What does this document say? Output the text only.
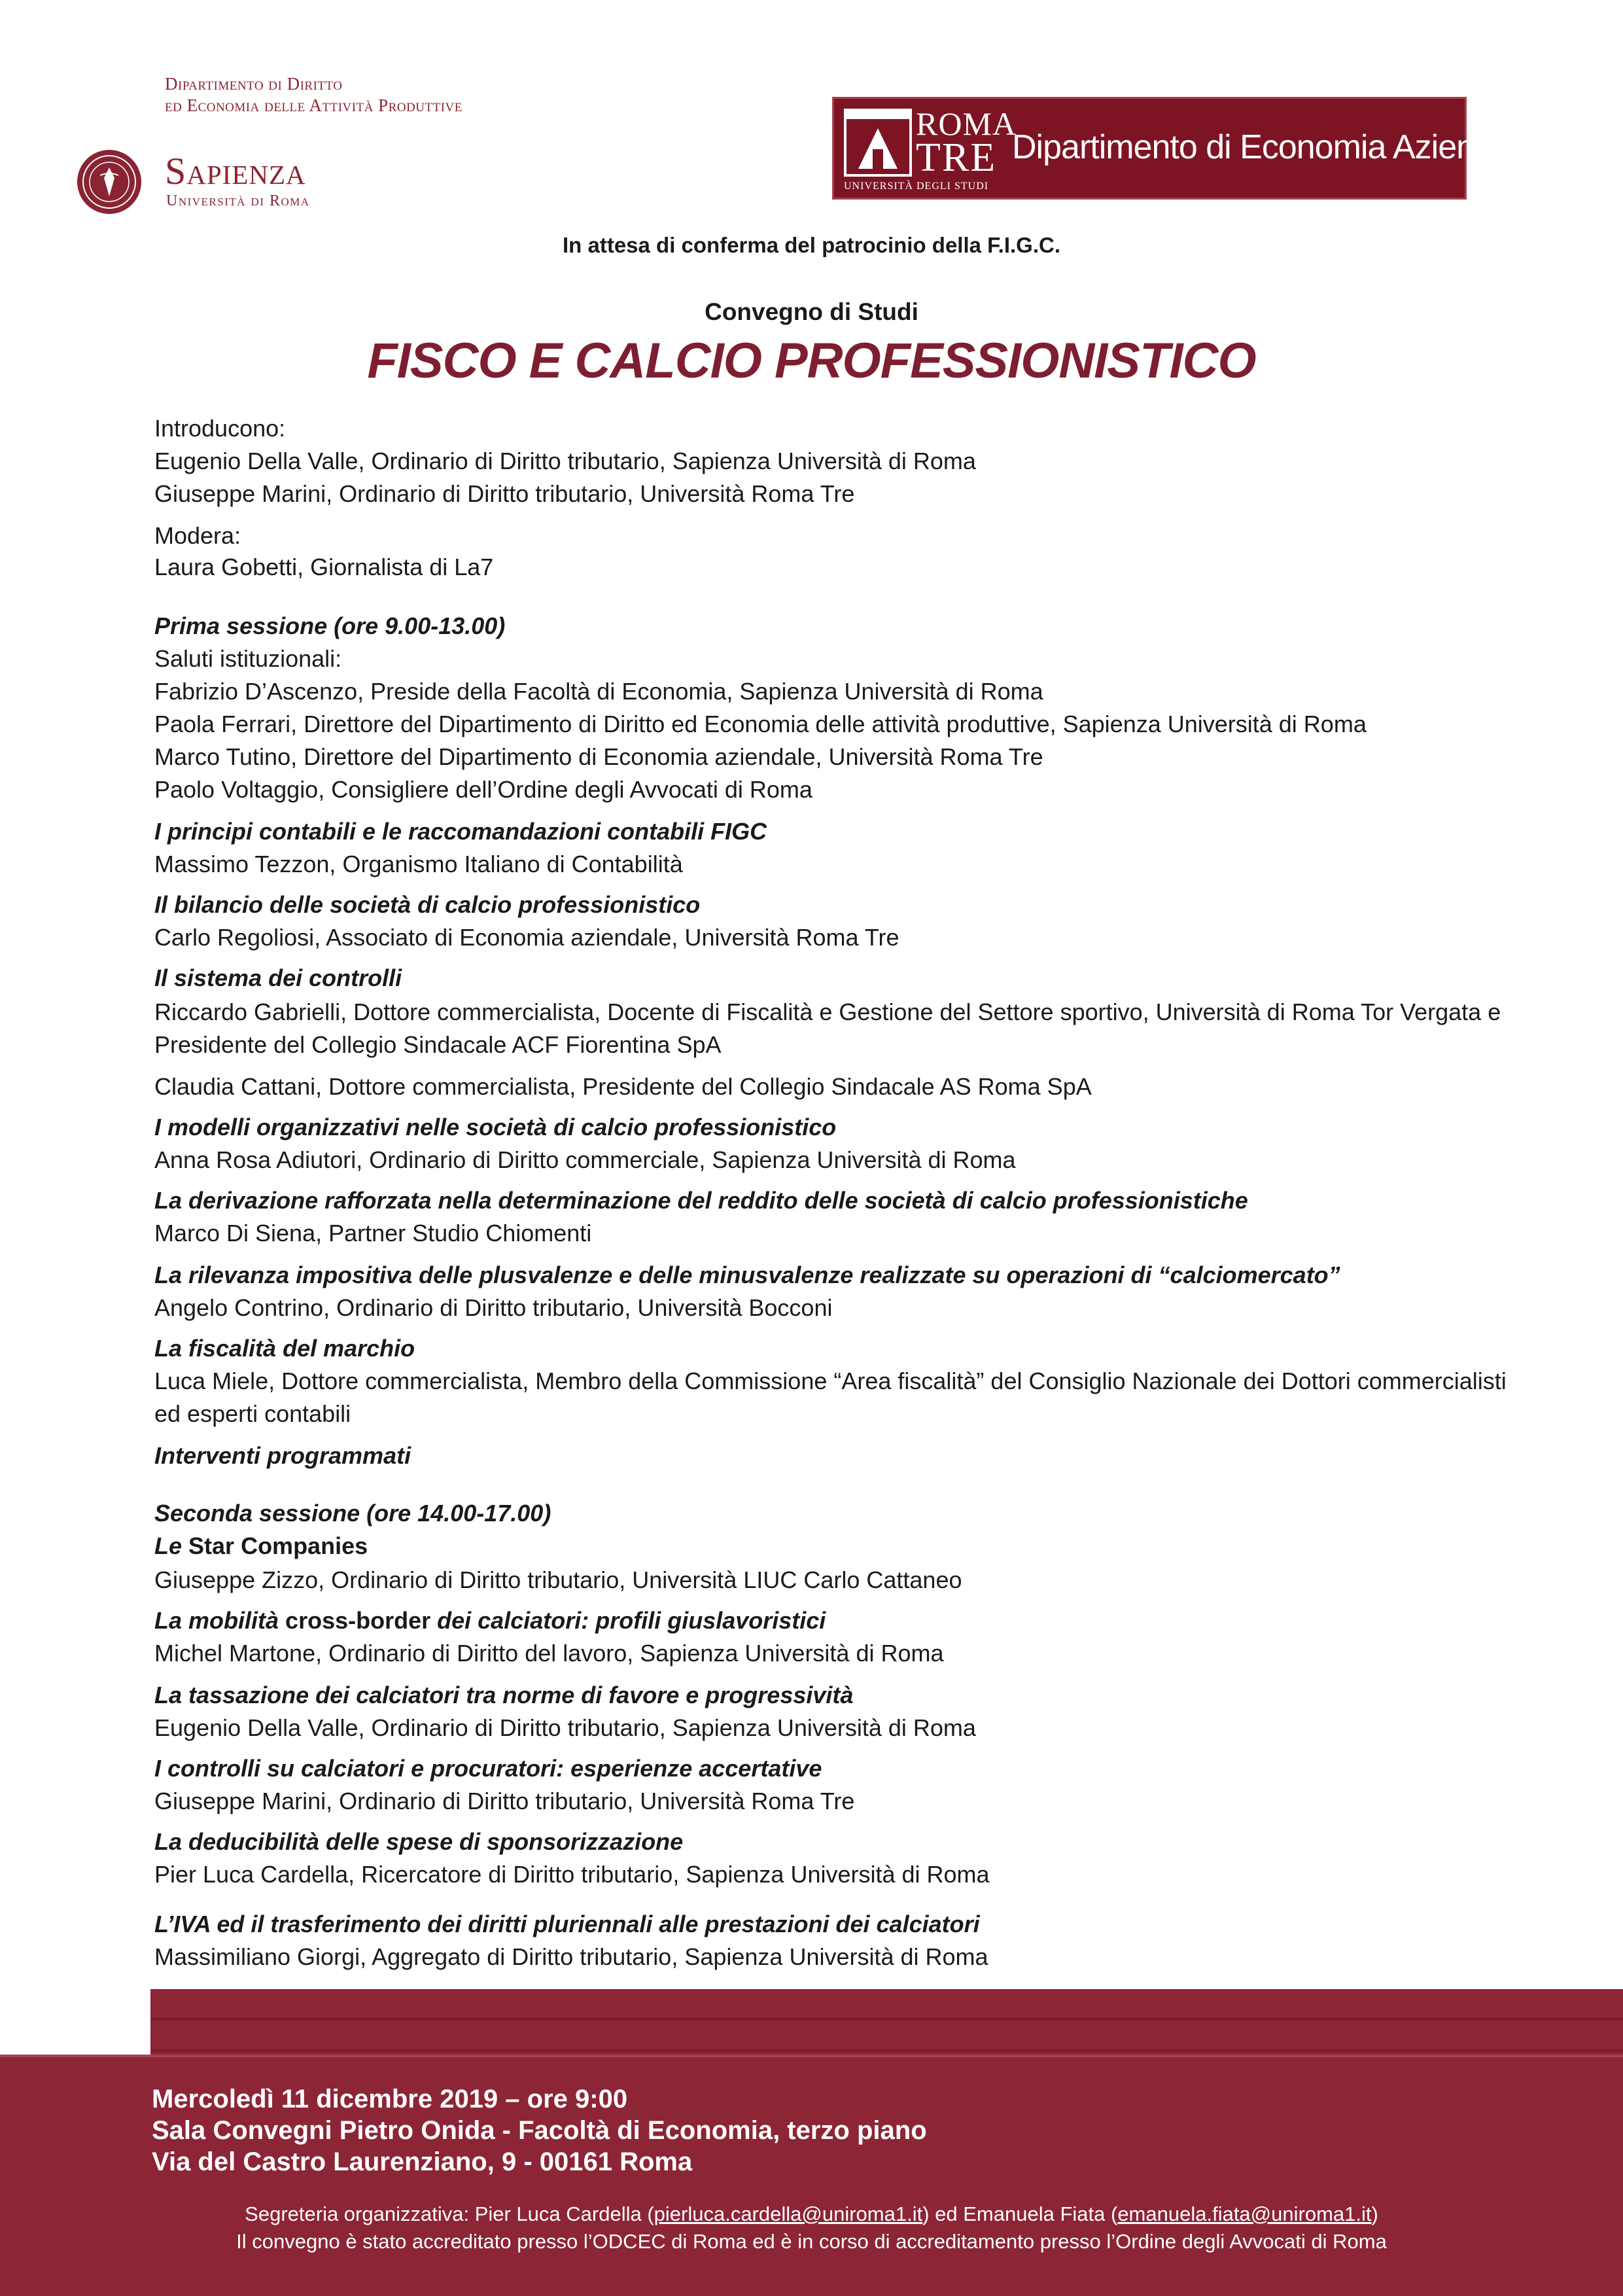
Dipartimento di Diritto
ed Economia delle Attività Produttive
Sapienza
Università di Roma
ROMA
TRE
UNIVERSITÀ DEGLI STUDI
Dipartimento di Economia Aziendale
In attesa di conferma del patrocinio della F.I.G.C.
Convegno di Studi
FISCO E CALCIO PROFESSIONISTICO
Introducono:
Eugenio Della Valle, Ordinario di Diritto tributario, Sapienza Università di Roma
Giuseppe Marini, Ordinario di Diritto tributario, Università Roma Tre
Modera:
Laura Gobetti, Giornalista di La7
Prima sessione (ore 9.00-13.00)
Saluti istituzionali:
Fabrizio D’Ascenzo, Preside della Facoltà di Economia, Sapienza Università di Roma
Paola Ferrari, Direttore del Dipartimento di Diritto ed Economia delle attività produttive, Sapienza Università di Roma
Marco Tutino, Direttore del Dipartimento di Economia aziendale, Università Roma Tre
Paolo Voltaggio, Consigliere dell’Ordine degli Avvocati di Roma
I principi contabili e le raccomandazioni contabili FIGC
Massimo Tezzon, Organismo Italiano di Contabilità
Il bilancio delle società di calcio professionistico
Carlo Regoliosi, Associato di Economia aziendale, Università Roma Tre
Il sistema dei controlli
Riccardo Gabrielli, Dottore commercialista, Docente di Fiscalità e Gestione del Settore sportivo, Università di Roma Tor Vergata e
Presidente del Collegio Sindacale ACF Fiorentina SpA
Claudia Cattani, Dottore commercialista, Presidente del Collegio Sindacale AS Roma SpA
I modelli organizzativi nelle società di calcio professionistico
Anna Rosa Adiutori, Ordinario di Diritto commerciale, Sapienza Università di Roma
La derivazione rafforzata nella determinazione del reddito delle società di calcio professionistiche
Marco Di Siena, Partner Studio Chiomenti
La rilevanza impositiva delle plusvalenze e delle minusvalenze realizzate su operazioni di “calciomercato”
Angelo Contrino, Ordinario di Diritto tributario, Università Bocconi
La fiscalità del marchio
Luca Miele, Dottore commercialista, Membro della Commissione “Area fiscalità” del Consiglio Nazionale dei Dottori commercialisti
ed esperti contabili
Interventi programmati
Seconda sessione (ore 14.00-17.00)
Le Star Companies
Giuseppe Zizzo, Ordinario di Diritto tributario, Università LIUC Carlo Cattaneo
La mobilità cross-border dei calciatori: profili giuslavoristici
Michel Martone, Ordinario di Diritto del lavoro, Sapienza Università di Roma
La tassazione dei calciatori tra norme di favore e progressività
Eugenio Della Valle, Ordinario di Diritto tributario, Sapienza Università di Roma
I controlli su calciatori e procuratori: esperienze accertative
Giuseppe Marini, Ordinario di Diritto tributario, Università Roma Tre
La deducibilità delle spese di sponsorizzazione
Pier Luca Cardella, Ricercatore di Diritto tributario, Sapienza Università di Roma
L’IVA ed il trasferimento dei diritti pluriennali alle prestazioni dei calciatori
Massimiliano Giorgi, Aggregato di Diritto tributario, Sapienza Università di Roma
Mercoledì 11 dicembre 2019 – ore 9:00
Sala Convegni Pietro Onida - Facoltà di Economia, terzo piano
Via del Castro Laurenziano, 9 - 00161 Roma
Segreteria organizzativa: Pier Luca Cardella (pierluca.cardella@uniroma1.it) ed Emanuela Fiata (emanuela.fiata@uniroma1.it)
Il convegno è stato accreditato presso l’ODCEC di Roma ed è in corso di accreditamento presso l’Ordine degli Avvocati di Roma
